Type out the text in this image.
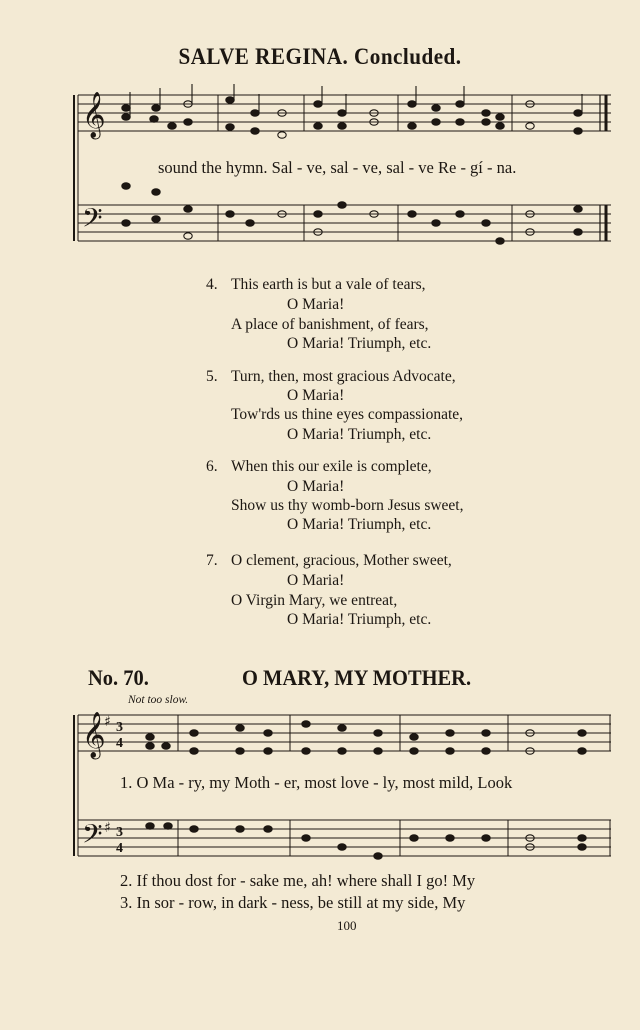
SALVE REGINA. Concluded.
𝄞
𝄢
𝄞
𝄢
♯
♯
3
4
3
4
sound the hymn. Sal - ve, sal - ve, sal - ve Re - gí - na.
4. This earth is but a vale of tears,
O Maria!
A place of banishment, of fears,
O Maria! Triumph, etc.
5. Turn, then, most gracious Advocate,
O Maria!
Tow'rds us thine eyes compassionate,
O Maria! Triumph, etc.
6. When this our exile is complete,
O Maria!
Show us thy womb-born Jesus sweet,
O Maria! Triumph, etc.
7. O clement, gracious, Mother sweet,
O Maria!
O Virgin Mary, we entreat,
O Maria! Triumph, etc.
No. 70.	O MARY, MY MOTHER.
Not too slow.
1. O Ma - ry, my Moth - er, most love - ly, most mild, Look
2. If thou dost for - sake me, ah! where shall I go! My
3. In sor - row, in dark - ness, be still at my side, My
100
